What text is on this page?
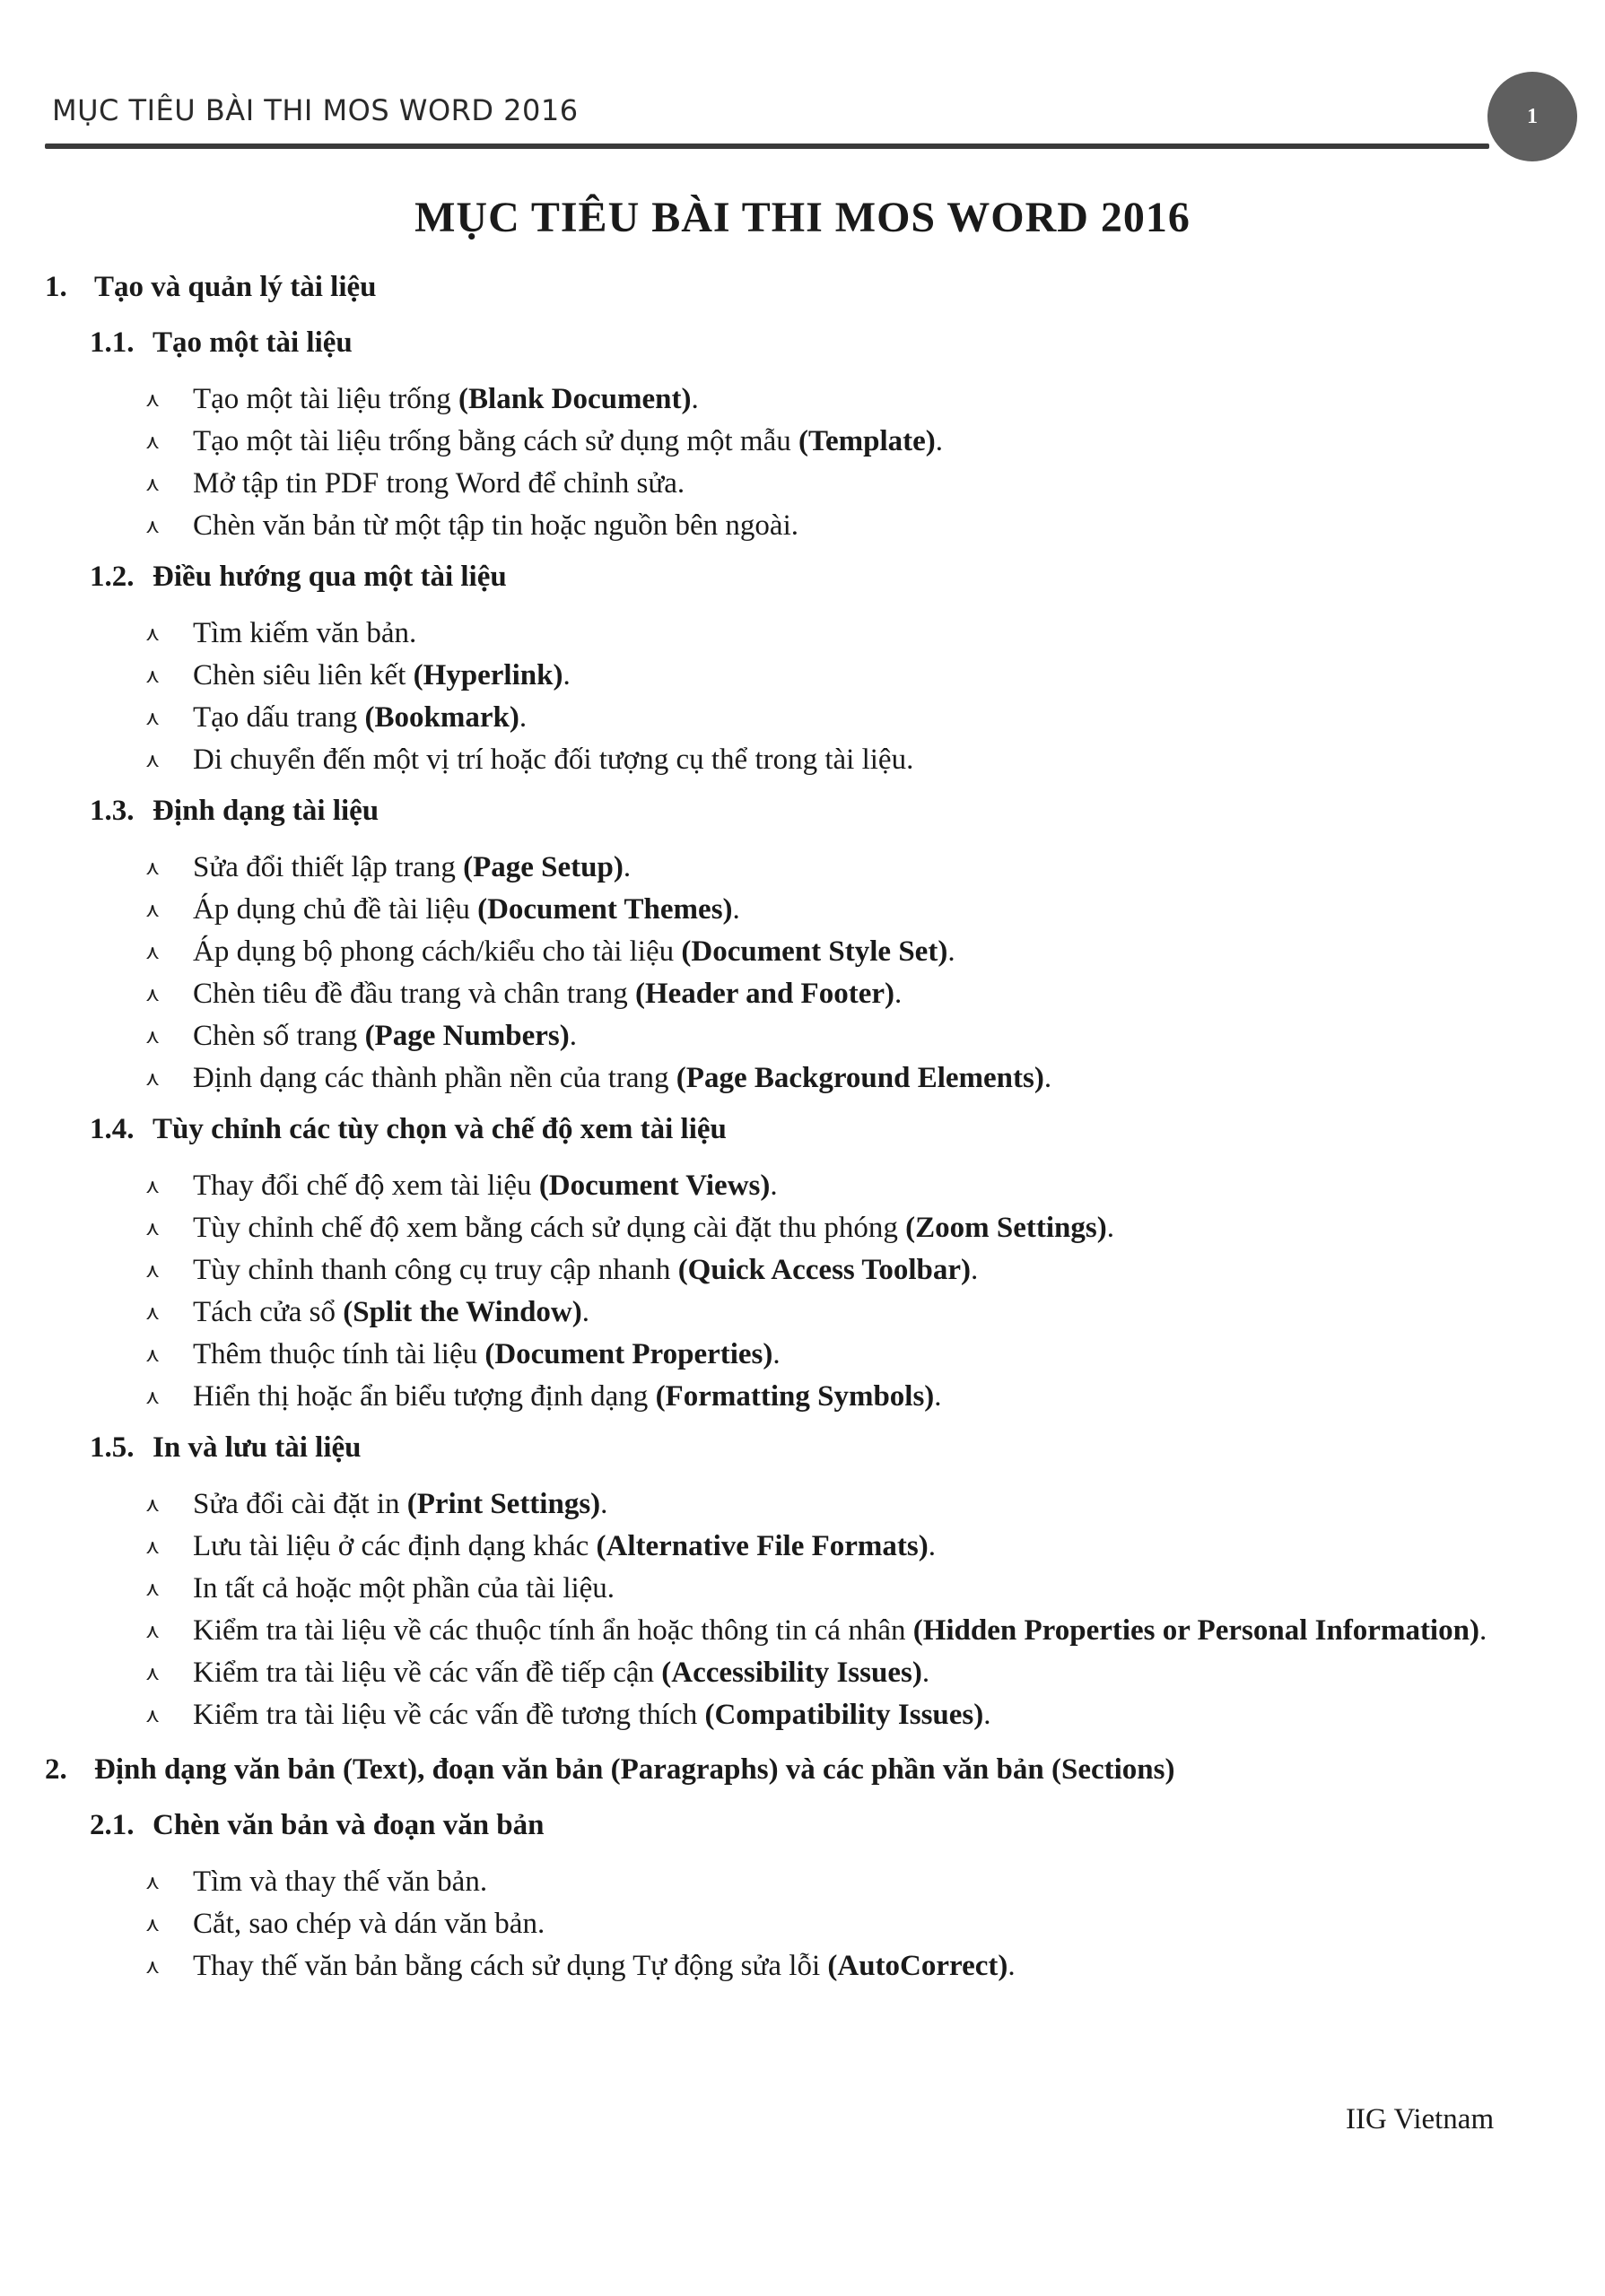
MỤC TIÊU BÀI THI MOS WORD 2016	1
MỤC TIÊU BÀI THI MOS WORD 2016
1. Tạo và quản lý tài liệu
1.1. Tạo một tài liệu
⋏ Tạo một tài liệu trống (Blank Document).
⋏ Tạo một tài liệu trống bằng cách sử dụng một mẫu (Template).
⋏ Mở tập tin PDF trong Word để chỉnh sửa.
⋏ Chèn văn bản từ một tập tin hoặc nguồn bên ngoài.
1.2. Điều hướng qua một tài liệu
⋏ Tìm kiếm văn bản.
⋏ Chèn siêu liên kết (Hyperlink).
⋏ Tạo dấu trang (Bookmark).
⋏ Di chuyển đến một vị trí hoặc đối tượng cụ thể trong tài liệu.
1.3. Định dạng tài liệu
⋏ Sửa đổi thiết lập trang (Page Setup).
⋏ Áp dụng chủ đề tài liệu (Document Themes).
⋏ Áp dụng bộ phong cách/kiểu cho tài liệu (Document Style Set).
⋏ Chèn tiêu đề đầu trang và chân trang (Header and Footer).
⋏ Chèn số trang (Page Numbers).
⋏ Định dạng các thành phần nền của trang (Page Background Elements).
1.4. Tùy chỉnh các tùy chọn và chế độ xem tài liệu
⋏ Thay đổi chế độ xem tài liệu (Document Views).
⋏ Tùy chỉnh chế độ xem bằng cách sử dụng cài đặt thu phóng (Zoom Settings).
⋏ Tùy chỉnh thanh công cụ truy cập nhanh (Quick Access Toolbar).
⋏ Tách cửa sổ (Split the Window).
⋏ Thêm thuộc tính tài liệu (Document Properties).
⋏ Hiển thị hoặc ẩn biểu tượng định dạng (Formatting Symbols).
1.5. In và lưu tài liệu
⋏ Sửa đổi cài đặt in (Print Settings).
⋏ Lưu tài liệu ở các định dạng khác (Alternative File Formats).
⋏ In tất cả hoặc một phần của tài liệu.
⋏ Kiểm tra tài liệu về các thuộc tính ẩn hoặc thông tin cá nhân (Hidden Properties or Personal Information).
⋏ Kiểm tra tài liệu về các vấn đề tiếp cận (Accessibility Issues).
⋏ Kiểm tra tài liệu về các vấn đề tương thích (Compatibility Issues).
2. Định dạng văn bản (Text), đoạn văn bản (Paragraphs) và các phần văn bản (Sections)
2.1. Chèn văn bản và đoạn văn bản
⋏ Tìm và thay thế văn bản.
⋏ Cắt, sao chép và dán văn bản.
⋏ Thay thế văn bản bằng cách sử dụng Tự động sửa lỗi (AutoCorrect).
IIG Vietnam
